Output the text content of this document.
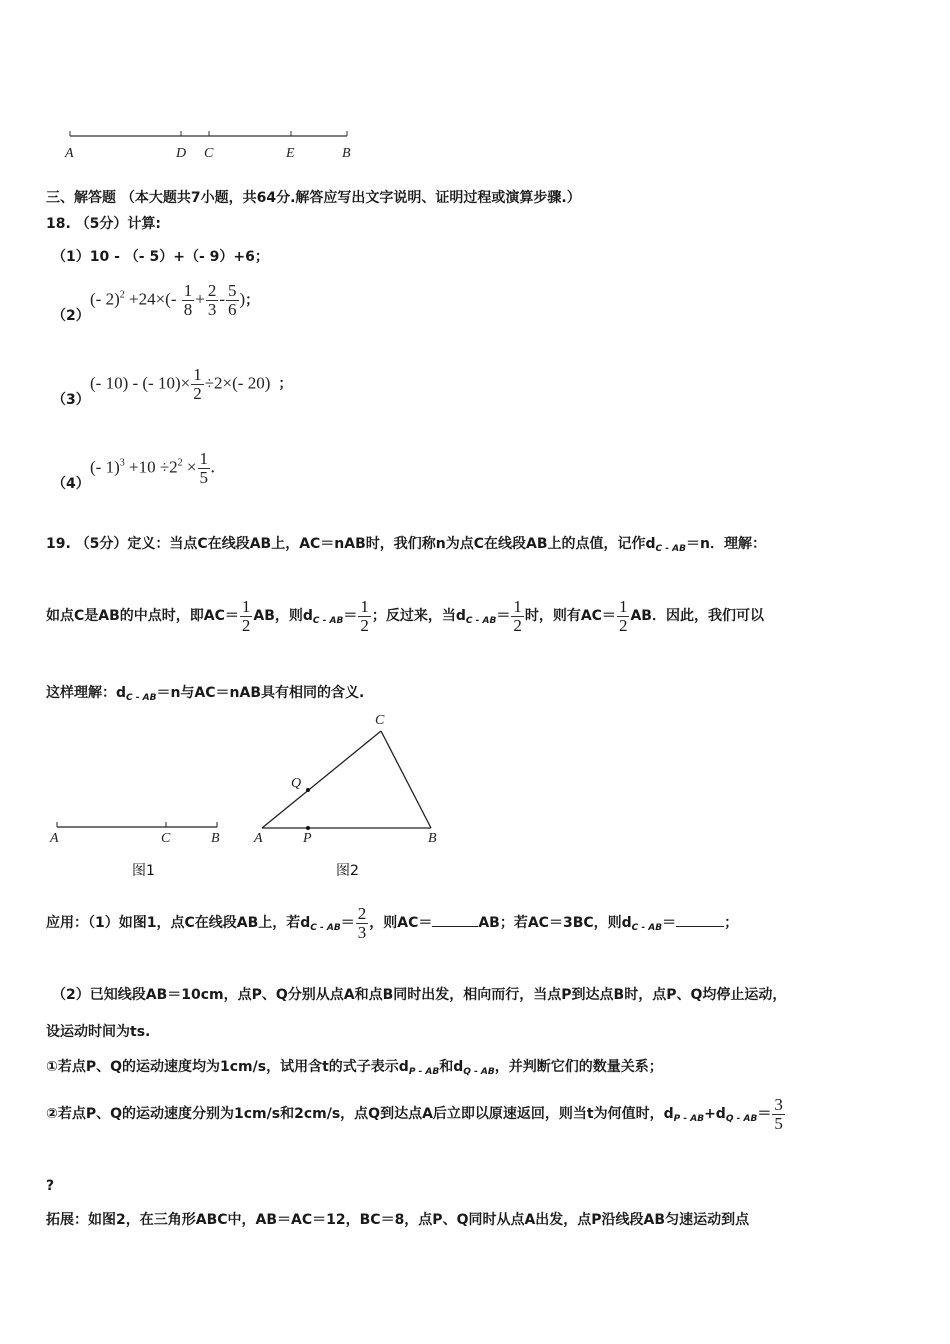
A	D C	E	B
三、解答题 （本大题共7小题，共64分.解答应写出文字说明、证明过程或演算步骤.）
18. （5分）计算:
（1）10 - （- 5）+（- 9）+6；
（2）
(- $2)^2 +24\times(- \frac{1}{8} + \frac{2}{3} - \frac{5}{6}$ )；
（3）
(- 10) - (- $10)\times \frac{1}{2} \div 2\times(-$ 20) ；
（4）
(- $1)^3 +10 \div 2^2 \times \frac{1}{5}$ .
19. （5分）定义：当点C在线段AB上，AC＝nAB时，我们称n为点C在线段AB上的点值，记作$d_{C - AB}=n$．理解：
如点C是AB的中点时，即$AC= \frac{1}{2}$ AB，则$d_{C - AB}= \frac{1}{2}$ ；反过来，当$d_{C - AB}= \frac{1}{2}$ 时，则有$AC= \frac{1}{2}$ AB．因此，我们可以
这样理解：$d_{C - AB}=n$与AC＝nAB具有相同的含义.
A	C	B
图1
C
Q
A	P	B
图2
应用：（1）如图1，点C在线段AB上，若$d_{C - AB}= \frac{2}{3}$ ，则AC＝	AB；若AC＝3BC，则$d_{C - AB}=$	；
（2）已知线段AB＝10cm，点P、Q分别从点A和点B同时出发，相向而行，当点P到达点B时，点P、Q均停止运动，
设运动时间为ts.
①若点P、Q的运动速度均为1cm/s，试用含t的式子表示$d_{P - AB}$和$d_{Q - AB}$，并判断它们的数量关系；
②若点P、Q的运动速度分别为1cm/s和2cm/s，点Q到达点A后立即以原速返回，则当t为何值时，$d_{P - AB}+d_{Q - AB}= \frac{3}{5}$
?
拓展：如图2，在三角形ABC中，AB＝AC＝12，BC＝8，点P、Q同时从点A出发，点P沿线段AB匀速运动到点
